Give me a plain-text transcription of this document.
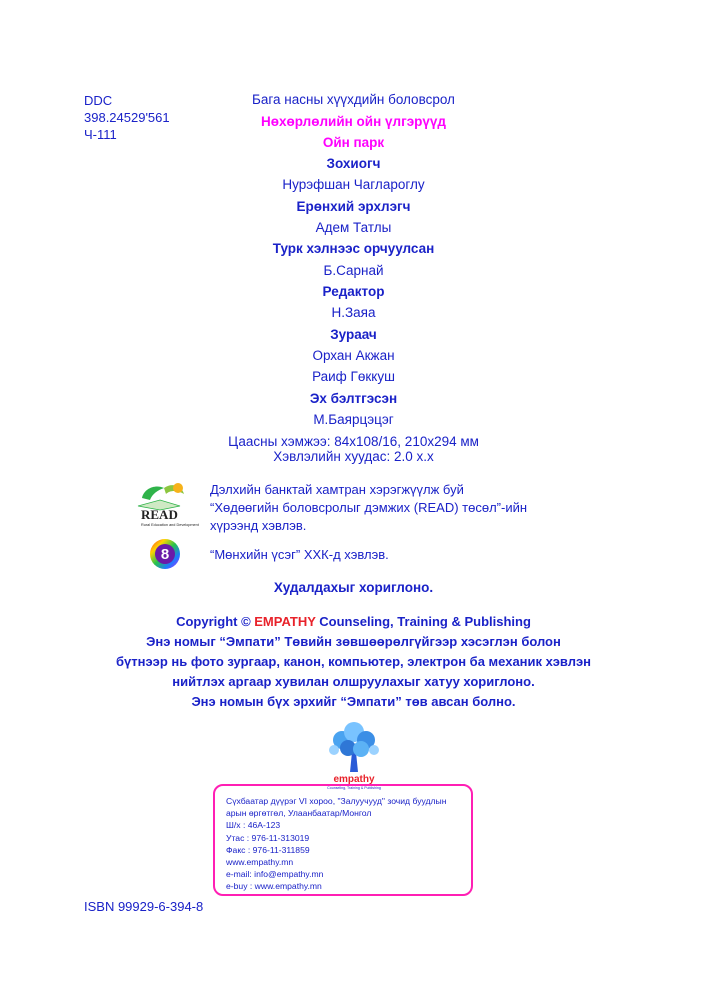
DDC
398.24529'561
Ч-111
Бага насны хүүхдийн боловсрол
Нөхөрлөлийн ойн үлгэрүүд
Ойн парк
Зохиогч
Нурэфшан Чаглароглу
Ерөнхий эрхлэгч
Адем Татлы
Турк хэлнээс орчуулсан
Б.Сарнай
Редактор
Н.Заяа
Зураач
Орхан Акжан
Раиф Гөккуш
Эх бэлтгэсэн
М.Баярцэцэг
Цаасны хэмжээ: 84x108/16, 210x294 мм
Хэвлэлийн хуудас: 2.0 х.х
READ
Rural Education and Development
Дэлхийн банктай хамтран хэрэгжүүлж буй
“Хөдөөгийн боловсролыг дэмжих (READ) төсөл”-ийн
хүрээнд хэвлэв.
8	“Мөнхийн үсэг” ХХК-д хэвлэв.
Худалдахыг хориглоно.
Copyright © EMPATHY Counseling, Training & Publishing
Энэ номыг “Эмпати” Төвийн зөвшөөрөлгүйгээр хэсэглэн болон
бүтнээр нь фото зургаар, канон, компьютер, электрон ба механик хэвлэн
нийтлэх аргаар хувилан олшруулахыг хатуу хориглоно.
Энэ номын бүх эрхийг “Эмпати” төв авсан болно.
empathy
Counseling, Training & Publishing
Сүхбаатар дүүрэг VI хороо, "Залуучууд" зочид буудлын
арын өргөтгөл, Улаанбаатар/Монгол
Ш/х : 46А-123
Утас : 976-11-313019
Факс : 976-11-311859
www.empathy.mn
e-mail: info@empathy.mn
e-buy : www.empathy.mn
ISBN 99929-6-394-8
